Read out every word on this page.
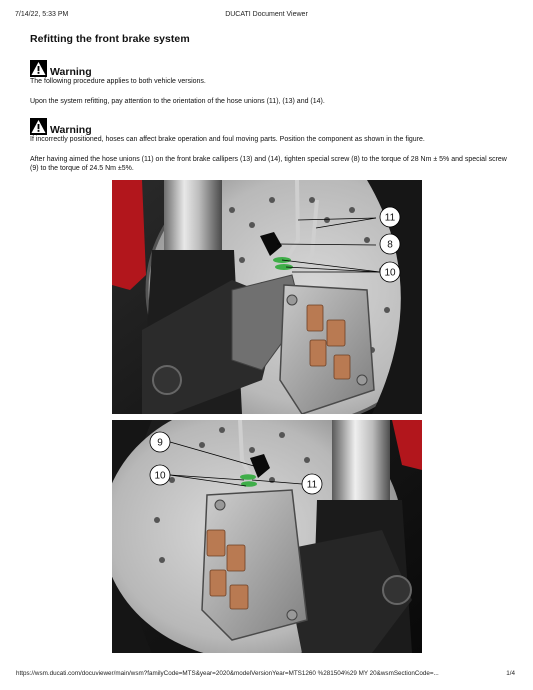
7/14/22, 5:33 PM	DUCATI Document Viewer
Refitting the front brake system
Warning

The following procedure applies to both vehicle versions.

Upon the system refitting, pay attention to the orientation of the hose unions (11), (13) and (14).

Warning

If incorrectly positioned, hoses can affect brake operation and foul moving parts. Position the component as shown in the figure.

After having aimed the hose unions (11) on the front brake callipers (13) and (14), tighten special screw (8) to the torque of 28 Nm ± 5% and special screw (9) to the torque of 24.5 Nm ±5%.

11
8
10
9
10
11
https://wsm.ducati.com/docuviewer/main/wsm?familyCode=MTS&year=2020&modelVersionYear=MTS1260 %281504%29 MY 20&wsmSectionCode=...	1/4
